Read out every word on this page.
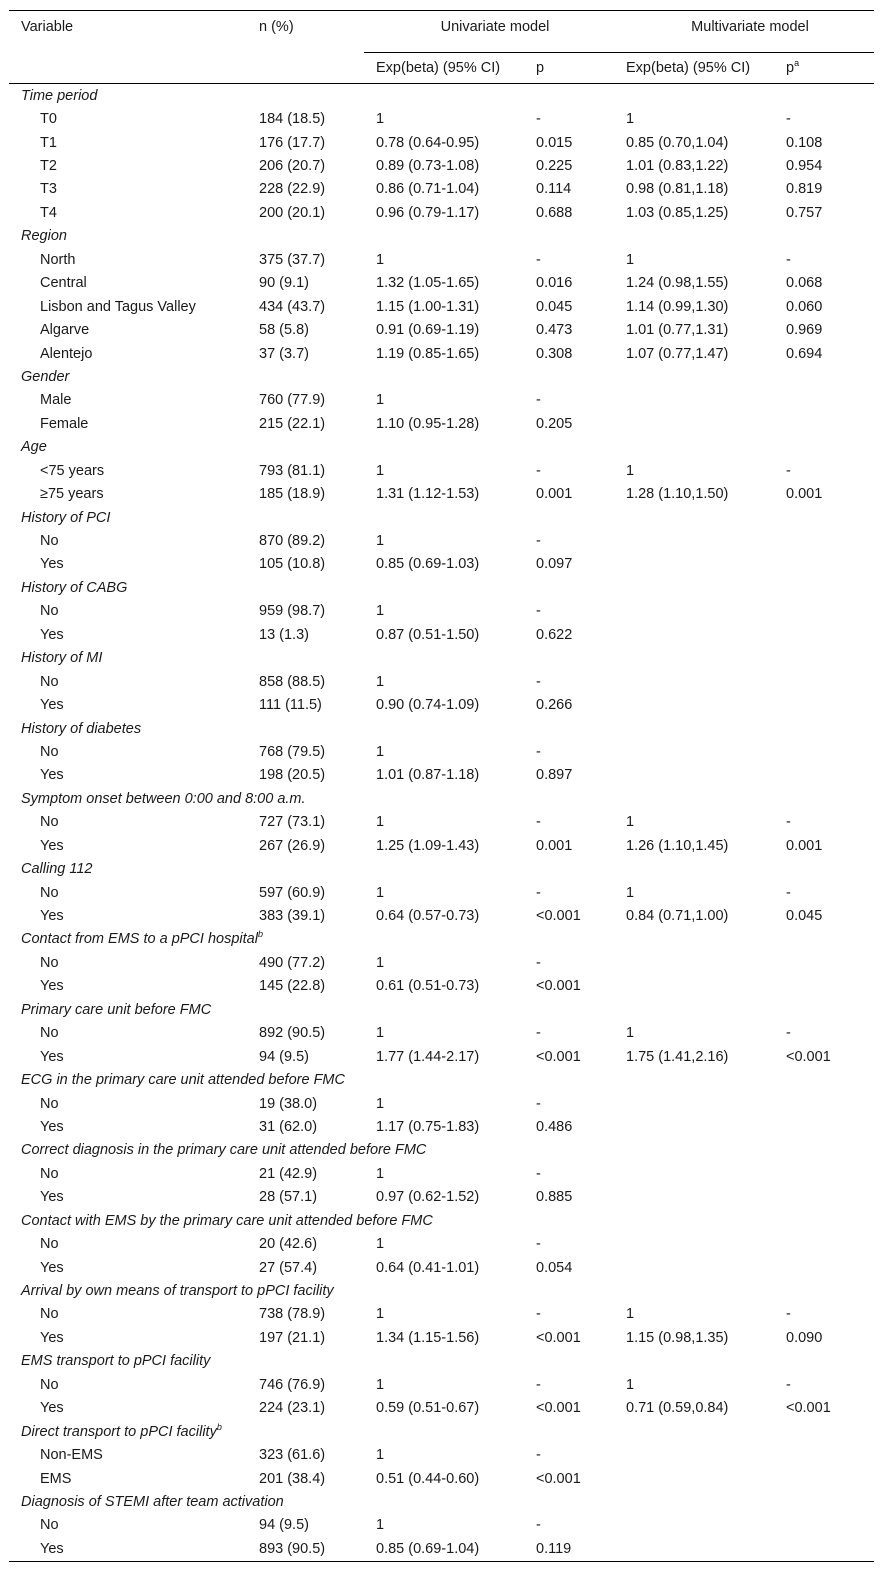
Variable	n (%)	Univariate model		Multivariate model	
		Exp(beta) (95% CI)	p	Exp(beta) (95% CI)	$p^a$
Time period					
T0	184 (18.5)	1	-	1	-
T1	176 (17.7)	0.78 (0.64-0.95)	0.015	0.85 (0.70,1.04)	0.108
T2	206 (20.7)	0.89 (0.73-1.08)	0.225	1.01 (0.83,1.22)	0.954
T3	228 (22.9)	0.86 (0.71-1.04)	0.114	0.98 (0.81,1.18)	0.819
T4	200 (20.1)	0.96 (0.79-1.17)	0.688	1.03 (0.85,1.25)	0.757
Region					
North	375 (37.7)	1	-	1	-
Central	90 (9.1)	1.32 (1.05-1.65)	0.016	1.24 (0.98,1.55)	0.068
Lisbon and Tagus Valley	434 (43.7)	1.15 (1.00-1.31)	0.045	1.14 (0.99,1.30)	0.060
Algarve	58 (5.8)	0.91 (0.69-1.19)	0.473	1.01 (0.77,1.31)	0.969
Alentejo	37 (3.7)	1.19 (0.85-1.65)	0.308	1.07 (0.77,1.47)	0.694
Gender					
Male	760 (77.9)	1	-		
Female	215 (22.1)	1.10 (0.95-1.28)	0.205		
Age					
<75 years	793 (81.1)	1	-	1	-
≥75 years	185 (18.9)	1.31 (1.12-1.53)	0.001	1.28 (1.10,1.50)	0.001
History of PCI					
No	870 (89.2)	1	-		
Yes	105 (10.8)	0.85 (0.69-1.03)	0.097		
History of CABG					
No	959 (98.7)	1	-		
Yes	13 (1.3)	0.87 (0.51-1.50)	0.622		
History of MI					
No	858 (88.5)	1	-		
Yes	111 (11.5)	0.90 (0.74-1.09)	0.266		
History of diabetes					
No	768 (79.5)	1	-		
Yes	198 (20.5)	1.01 (0.87-1.18)	0.897		
Symptom onset between 0:00 and 8:00 a.m.					
No	727 (73.1)	1	-	1	-
Yes	267 (26.9)	1.25 (1.09-1.43)	0.001	1.26 (1.10,1.45)	0.001
Calling 112					
No	597 (60.9)	1	-	1	-
Yes	383 (39.1)	0.64 (0.57-0.73)	<0.001	0.84 (0.71,1.00)	0.045
Contact from EMS to a pPCI hospital$^b$
No	490 (77.2)	1	-		
Yes	145 (22.8)	0.61 (0.51-0.73)	<0.001		
Primary care unit before FMC					
No	892 (90.5)	1	-	1	-
Yes	94 (9.5)	1.77 (1.44-2.17)	<0.001	1.75 (1.41,2.16)	<0.001
ECG in the primary care unit attended before FMC					
No	19 (38.0)	1	-		
Yes	31 (62.0)	1.17 (0.75-1.83)	0.486		
Correct diagnosis in the primary care unit attended before FMC					
No	21 (42.9)	1	-		
Yes	28 (57.1)	0.97 (0.62-1.52)	0.885		
Contact with EMS by the primary care unit attended before FMC					
No	20 (42.6)	1	-		
Yes	27 (57.4)	0.64 (0.41-1.01)	0.054		
Arrival by own means of transport to pPCI facility					
No	738 (78.9)	1	-	1	-
Yes	197 (21.1)	1.34 (1.15-1.56)	<0.001	1.15 (0.98,1.35)	0.090
EMS transport to pPCI facility					
No	746 (76.9)	1	-	1	-
Yes	224 (23.1)	0.59 (0.51-0.67)	<0.001	0.71 (0.59,0.84)	<0.001
Direct transport to pPCI facility$^b$
Non-EMS	323 (61.6)	1	-		
EMS	201 (38.4)	0.51 (0.44-0.60)	<0.001		
Diagnosis of STEMI after team activation					
No	94 (9.5)	1	-		
Yes	893 (90.5)	0.85 (0.69-1.04)	0.119		
